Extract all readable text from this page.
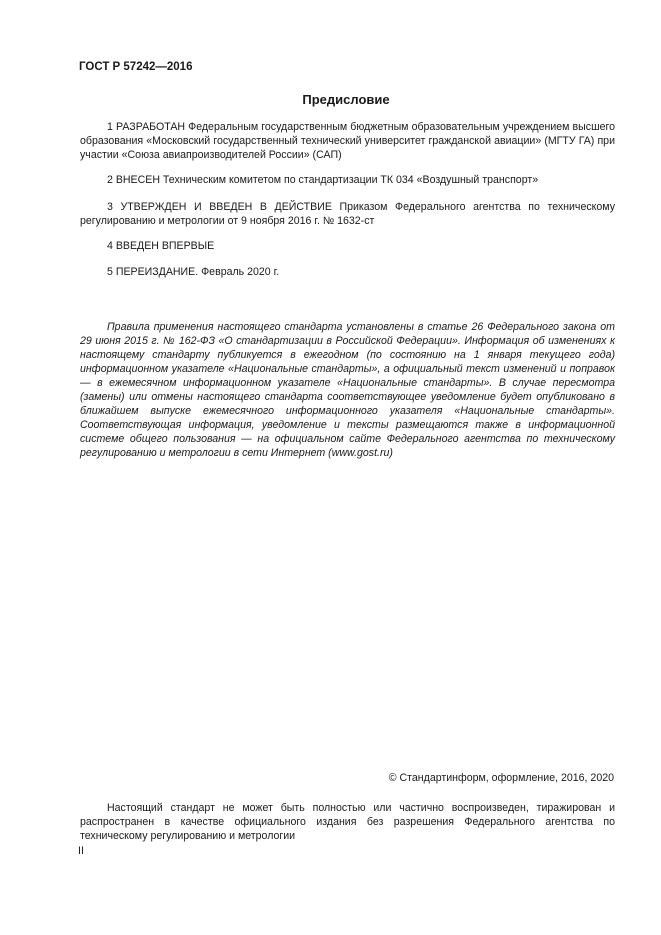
ГОСТ Р 57242—2016
Предисловие

1 РАЗРАБОТАН Федеральным государственным бюджетным образовательным учреждением высшего образования «Московский государственный технический университет гражданской авиации» (МГТУ ГА) при участии «Союза авиапроизводителей России» (САП)

2 ВНЕСЕН Техническим комитетом по стандартизации ТК 034 «Воздушный транспорт»

3 УТВЕРЖДЕН И ВВЕДЕН В ДЕЙСТВИЕ Приказом Федерального агентства по техническому регулированию и метрологии от 9 ноября 2016 г. № 1632-ст

4 ВВЕДЕН ВПЕРВЫЕ

5 ПЕРЕИЗДАНИЕ. Февраль 2020 г.

Правила применения настоящего стандарта установлены в статье 26 Федерального закона от 29 июня 2015 г. № 162-ФЗ «О стандартизации в Российской Федерации». Информация об изменениях к настоящему стандарту публикуется в ежегодном (по состоянию на 1 января текущего года) информационном указателе «Национальные стандарты», а официальный текст изменений и поправок — в ежемесячном информационном указателе «Национальные стандарты». В случае пересмотра (замены) или отмены настоящего стандарта соответствующее уведомление будет опубликовано в ближайшем выпуске ежемесячного информационного указателя «Национальные стандарты». Соответствующая информация, уведомление и тексты размещаются также в информационной системе общего пользования — на официальном сайте Федерального агентства по техническому регулированию и метрологии в сети Интернет (www.gost.ru)

© Стандартинформ, оформление, 2016, 2020

Настоящий стандарт не может быть полностью или частично воспроизведен, тиражирован и распространен в качестве официального издания без разрешения Федерального агентства по техническому регулированию и метрологии

II
